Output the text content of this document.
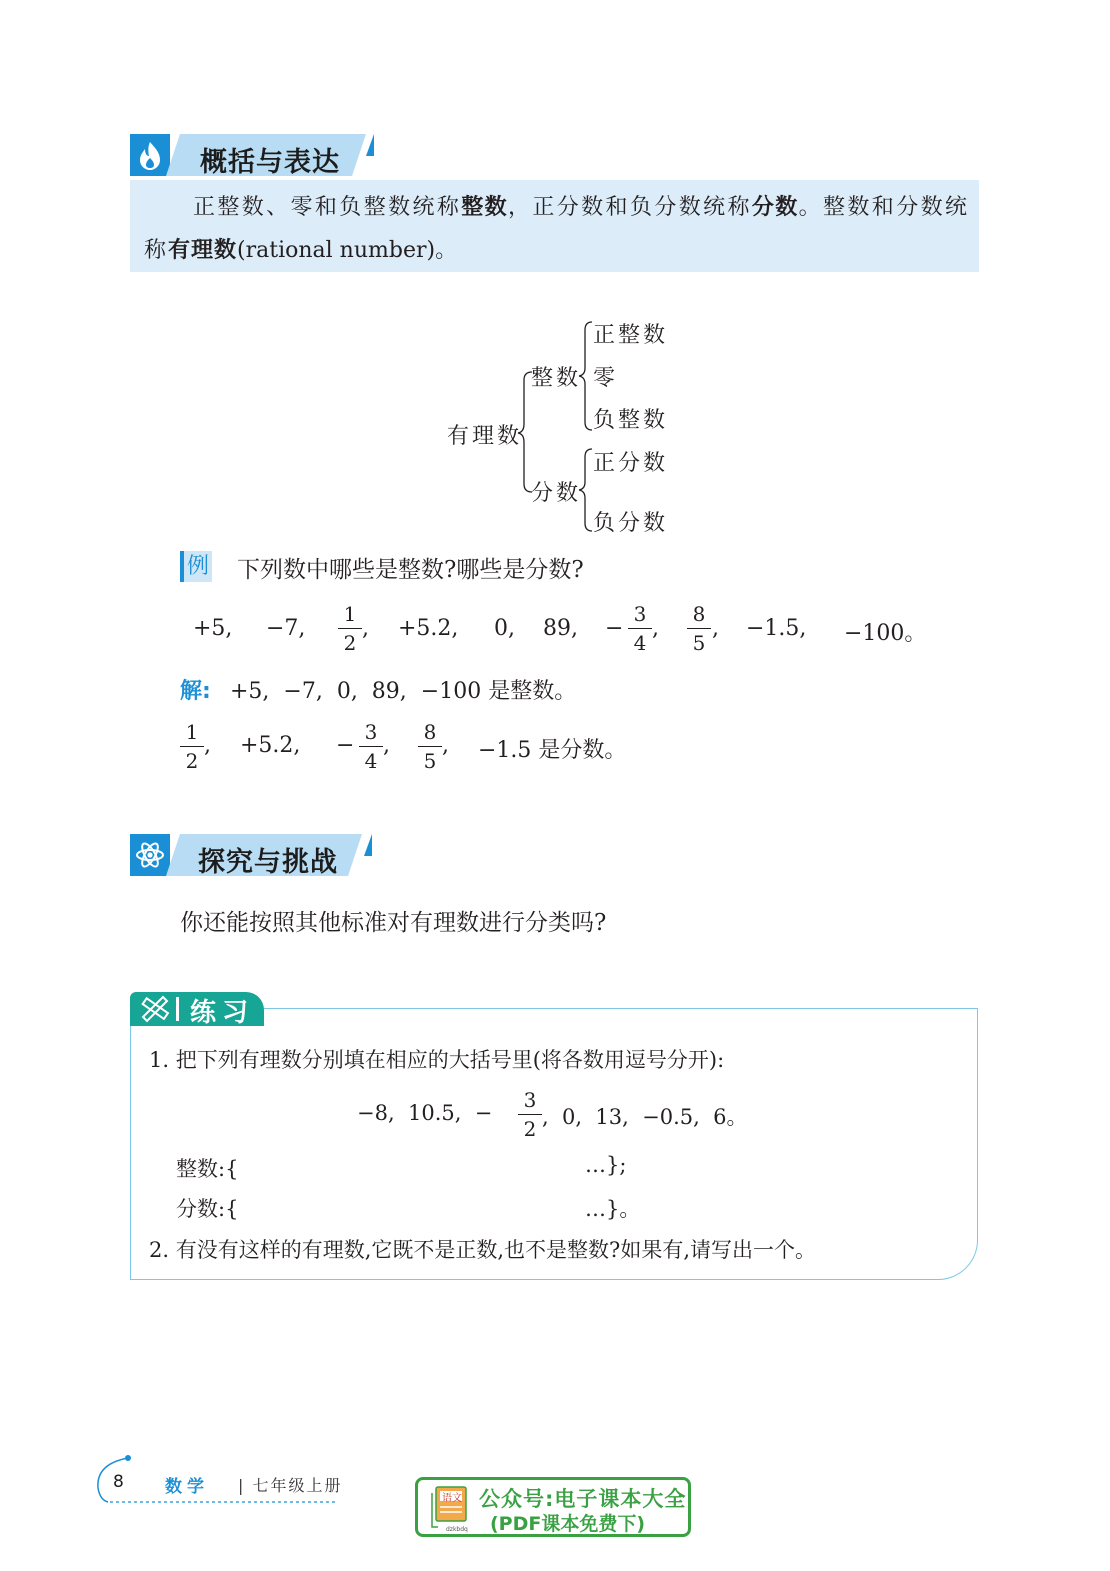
概括与表达
正整数、零和负整数统称整数，正分数和负分数统称分数。整数和分数统称有理数(rational number)。
有理数
整数
分数
正整数
零
负整数
正分数
负分数
例 下列数中哪些是整数?哪些是分数?
+5, −7,
1
2
, +5.2, 0, 89, −
3
4
,
8
5
, −1.5, −100。
解: +5,  −7,  0,  89,  −100 是整数。
1
2
, +5.2, −
3
4
,
8
5
, −1.5 是分数。
探究与挑战
你还能按照其他标准对有理数进行分类吗?
练习
1. 把下列有理数分别填在相应的大括号里(将各数用逗号分开):
−8,  10.5,  −
3
2 ,  0,  13,  −0.5,  6。
整数:{	…};
分数:{	…}。
2. 有没有这样的有理数,它既不是正数,也不是整数?如果有,请写出一个。
8 数学 | 七年级上册
语文
dzkbdq
公众号:电子课本大全
(PDF课本免费下)
